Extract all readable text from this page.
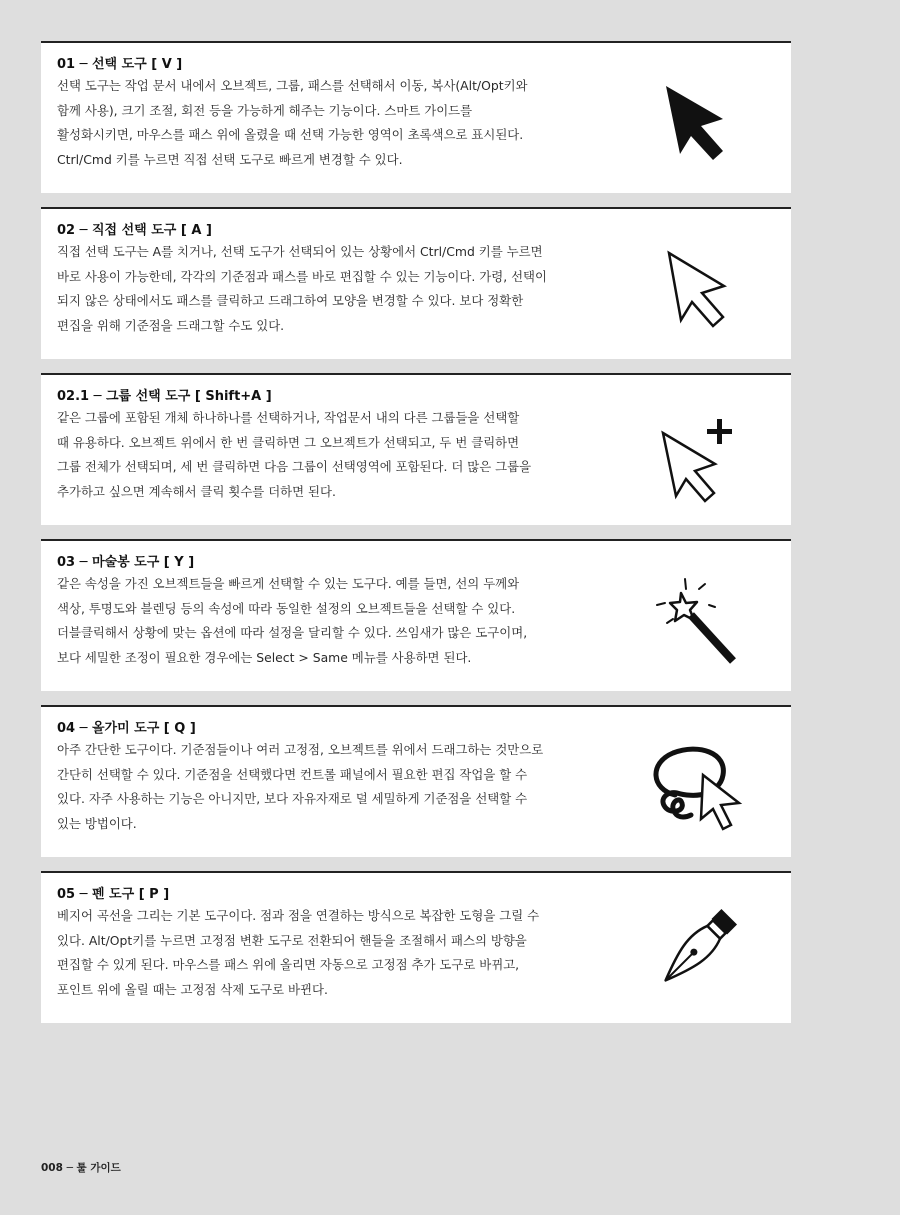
01 ─ 선택 도구 [ V ]
선택 도구는 작업 문서 내에서 오브젝트, 그룹, 패스를 선택해서 이동, 복사(Alt/Opt키와
함께 사용), 크기 조절, 회전 등을 가능하게 해주는 기능이다. 스마트 가이드를
활성화시키면, 마우스를 패스 위에 올렸을 때 선택 가능한 영역이 초록색으로 표시된다.
Ctrl/Cmd 키를 누르면 직접 선택 도구로 빠르게 변경할 수 있다.
02 ─ 직접 선택 도구 [ A ]
직접 선택 도구는 A를 치거나, 선택 도구가 선택되어 있는 상황에서 Ctrl/Cmd 키를 누르면
바로 사용이 가능한데, 각각의 기준점과 패스를 바로 편집할 수 있는 기능이다. 가령, 선택이
되지 않은 상태에서도 패스를 클릭하고 드래그하여 모양을 변경할 수 있다. 보다 정확한
편집을 위해 기준점을 드래그할 수도 있다.
02.1 ─ 그룹 선택 도구 [ Shift+A ]
같은 그룹에 포함된 개체 하나하나를 선택하거나, 작업문서 내의 다른 그룹들을 선택할
때 유용하다. 오브젝트 위에서 한 번 클릭하면 그 오브젝트가 선택되고, 두 번 클릭하면
그룹 전체가 선택되며, 세 번 클릭하면 다음 그룹이 선택영역에 포함된다. 더 많은 그룹을
추가하고 싶으면 계속해서 클릭 횟수를 더하면 된다.
03 ─ 마술봉 도구 [ Y ]
같은 속성을 가진 오브젝트들을 빠르게 선택할 수 있는 도구다. 예를 들면, 선의 두께와
색상, 투명도와 블렌딩 등의 속성에 따라 동일한 설정의 오브젝트들을 선택할 수 있다.
더블클릭해서 상황에 맞는 옵션에 따라 설정을 달리할 수 있다. 쓰임새가 많은 도구이며,
보다 세밀한 조정이 필요한 경우에는 Select > Same 메뉴를 사용하면 된다.
04 ─ 올가미 도구 [ Q ]
아주 간단한 도구이다. 기준점들이나 여러 고정점, 오브젝트를 위에서 드래그하는 것만으로
간단히 선택할 수 있다. 기준점을 선택했다면 컨트롤 패널에서 필요한 편집 작업을 할 수
있다. 자주 사용하는 기능은 아니지만, 보다 자유자재로 덜 세밀하게 기준점을 선택할 수
있는 방법이다.
05 ─ 펜 도구 [ P ]
베지어 곡선을 그리는 기본 도구이다. 점과 점을 연결하는 방식으로 복잡한 도형을 그릴 수
있다. Alt/Opt키를 누르면 고정점 변환 도구로 전환되어 핸들을 조절해서 패스의 방향을
편집할 수 있게 된다. 마우스를 패스 위에 올리면 자동으로 고정점 추가 도구로 바뀌고,
포인트 위에 올릴 때는 고정점 삭제 도구로 바뀐다.
008 ─ 툴 가이드
